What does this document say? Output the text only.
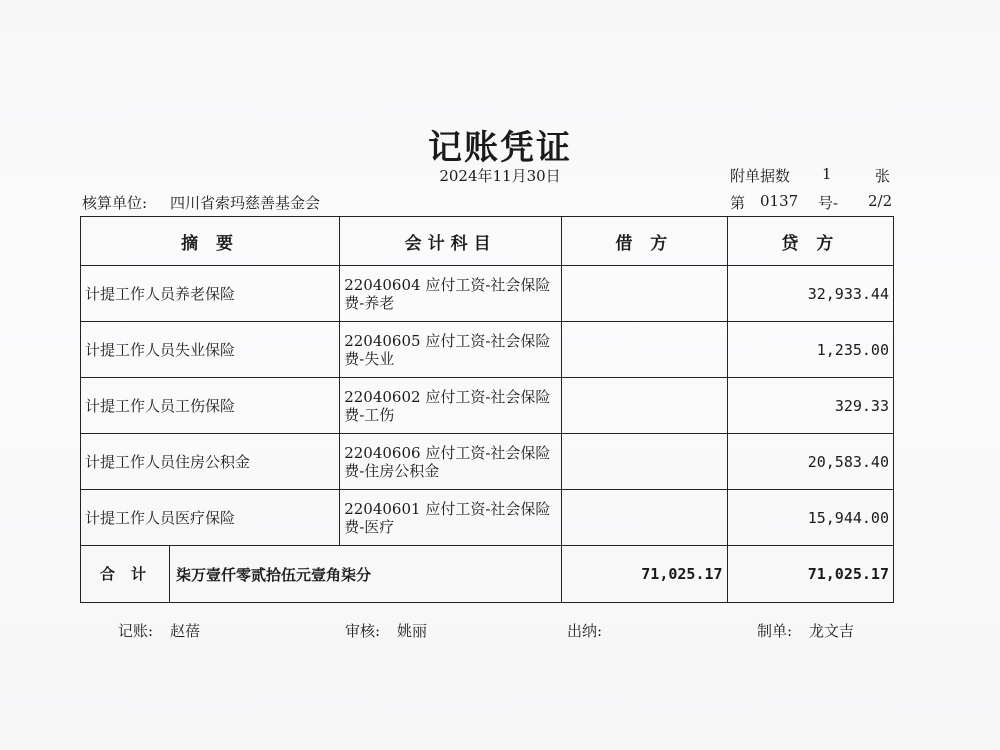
记账凭证
2024年11月30日	附单据数 1	张
核算单位: 四川省索玛慈善基金会	第 0137 号- 2/2
摘 要	会计科目	借 方	贷 方
计提工作人员养老保险	22040604 应付工资-社会保险
费-养老		32,933.44
计提工作人员失业保险	22040605 应付工资-社会保险
费-失业		1,235.00
计提工作人员工伤保险	22040602 应付工资-社会保险
费-工伤		329.33
计提工作人员住房公积金	22040606 应付工资-社会保险
费-住房公积金		20,583.40
计提工作人员医疗保险	22040601 应付工资-社会保险
费-医疗		15,944.00

合计 柒万壹仟零贰拾伍元壹角柒分		71,025.17	71,025.17
记账: 赵蓓	审核: 姚丽	出纳:	制单: 龙文吉
